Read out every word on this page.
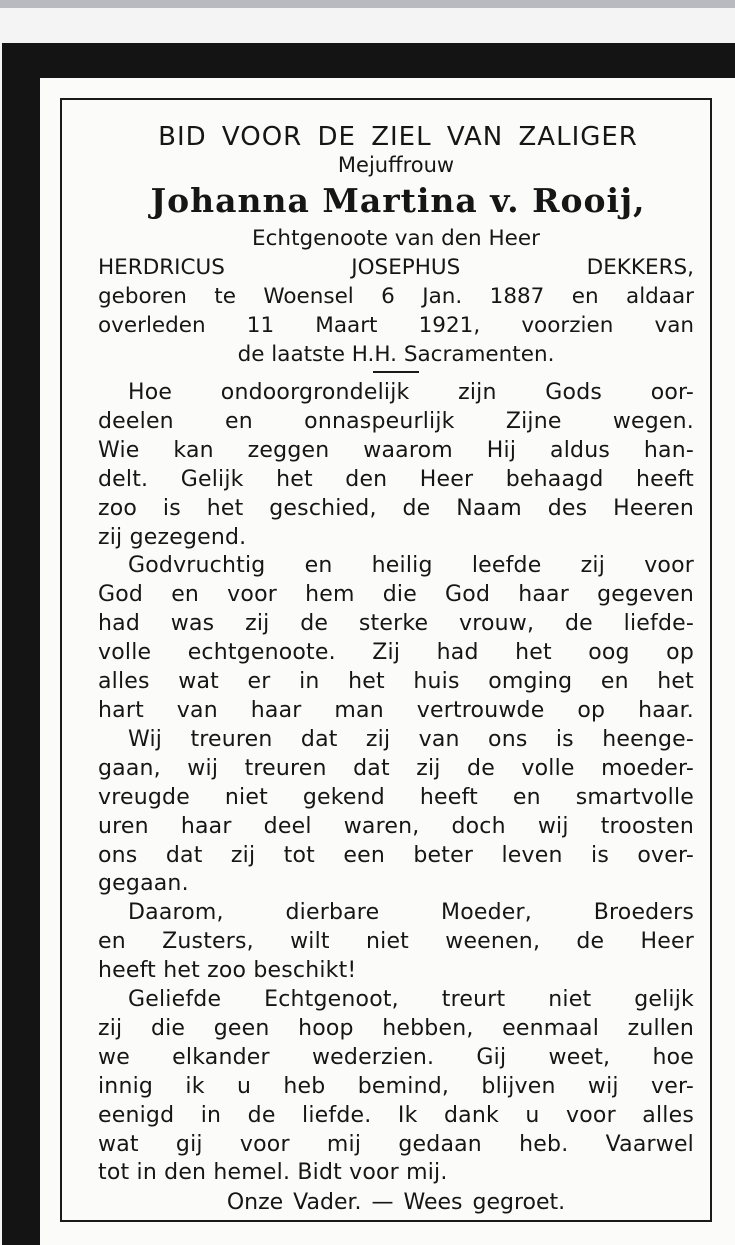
BID VOOR DE ZIEL VAN ZALIGER
Mejuffrouw
Johanna Martina v. Rooij,
Echtgenoote van den Heer
HERDRICUS JOSEPHUS DEKKERS,
geboren te Woensel 6 Jan. 1887 en aldaar
overleden 11 Maart 1921, voorzien van
de laatste H.H. Sacramenten.
Hoe ondoorgrondelijk zijn Gods oor-
deelen en onnaspeurlijk Zijne wegen.
Wie kan zeggen waarom Hij aldus han-
delt. Gelijk het den Heer behaagd heeft
zoo is het geschied, de Naam des Heeren
zij gezegend.
Godvruchtig en heilig leefde zij voor
God en voor hem die God haar gegeven
had was zij de sterke vrouw, de liefde-
volle echtgenoote. Zij had het oog op
alles wat er in het huis omging en het
hart van haar man vertrouwde op haar.
Wij treuren dat zij van ons is heenge-
gaan, wij treuren dat zij de volle moeder-
vreugde niet gekend heeft en smartvolle
uren haar deel waren, doch wij troosten
ons dat zij tot een beter leven is over-
gegaan.
Daarom, dierbare Moeder, Broeders
en Zusters, wilt niet weenen, de Heer
heeft het zoo beschikt!
Geliefde Echtgenoot, treurt niet gelijk
zij die geen hoop hebben, eenmaal zullen
we elkander wederzien. Gij weet, hoe
innig ik u heb bemind, blijven wij ver-
eenigd in de liefde. Ik dank u voor alles
wat gij voor mij gedaan heb. Vaarwel
tot in den hemel. Bidt voor mij.
Onze Vader. — Wees gegroet.
